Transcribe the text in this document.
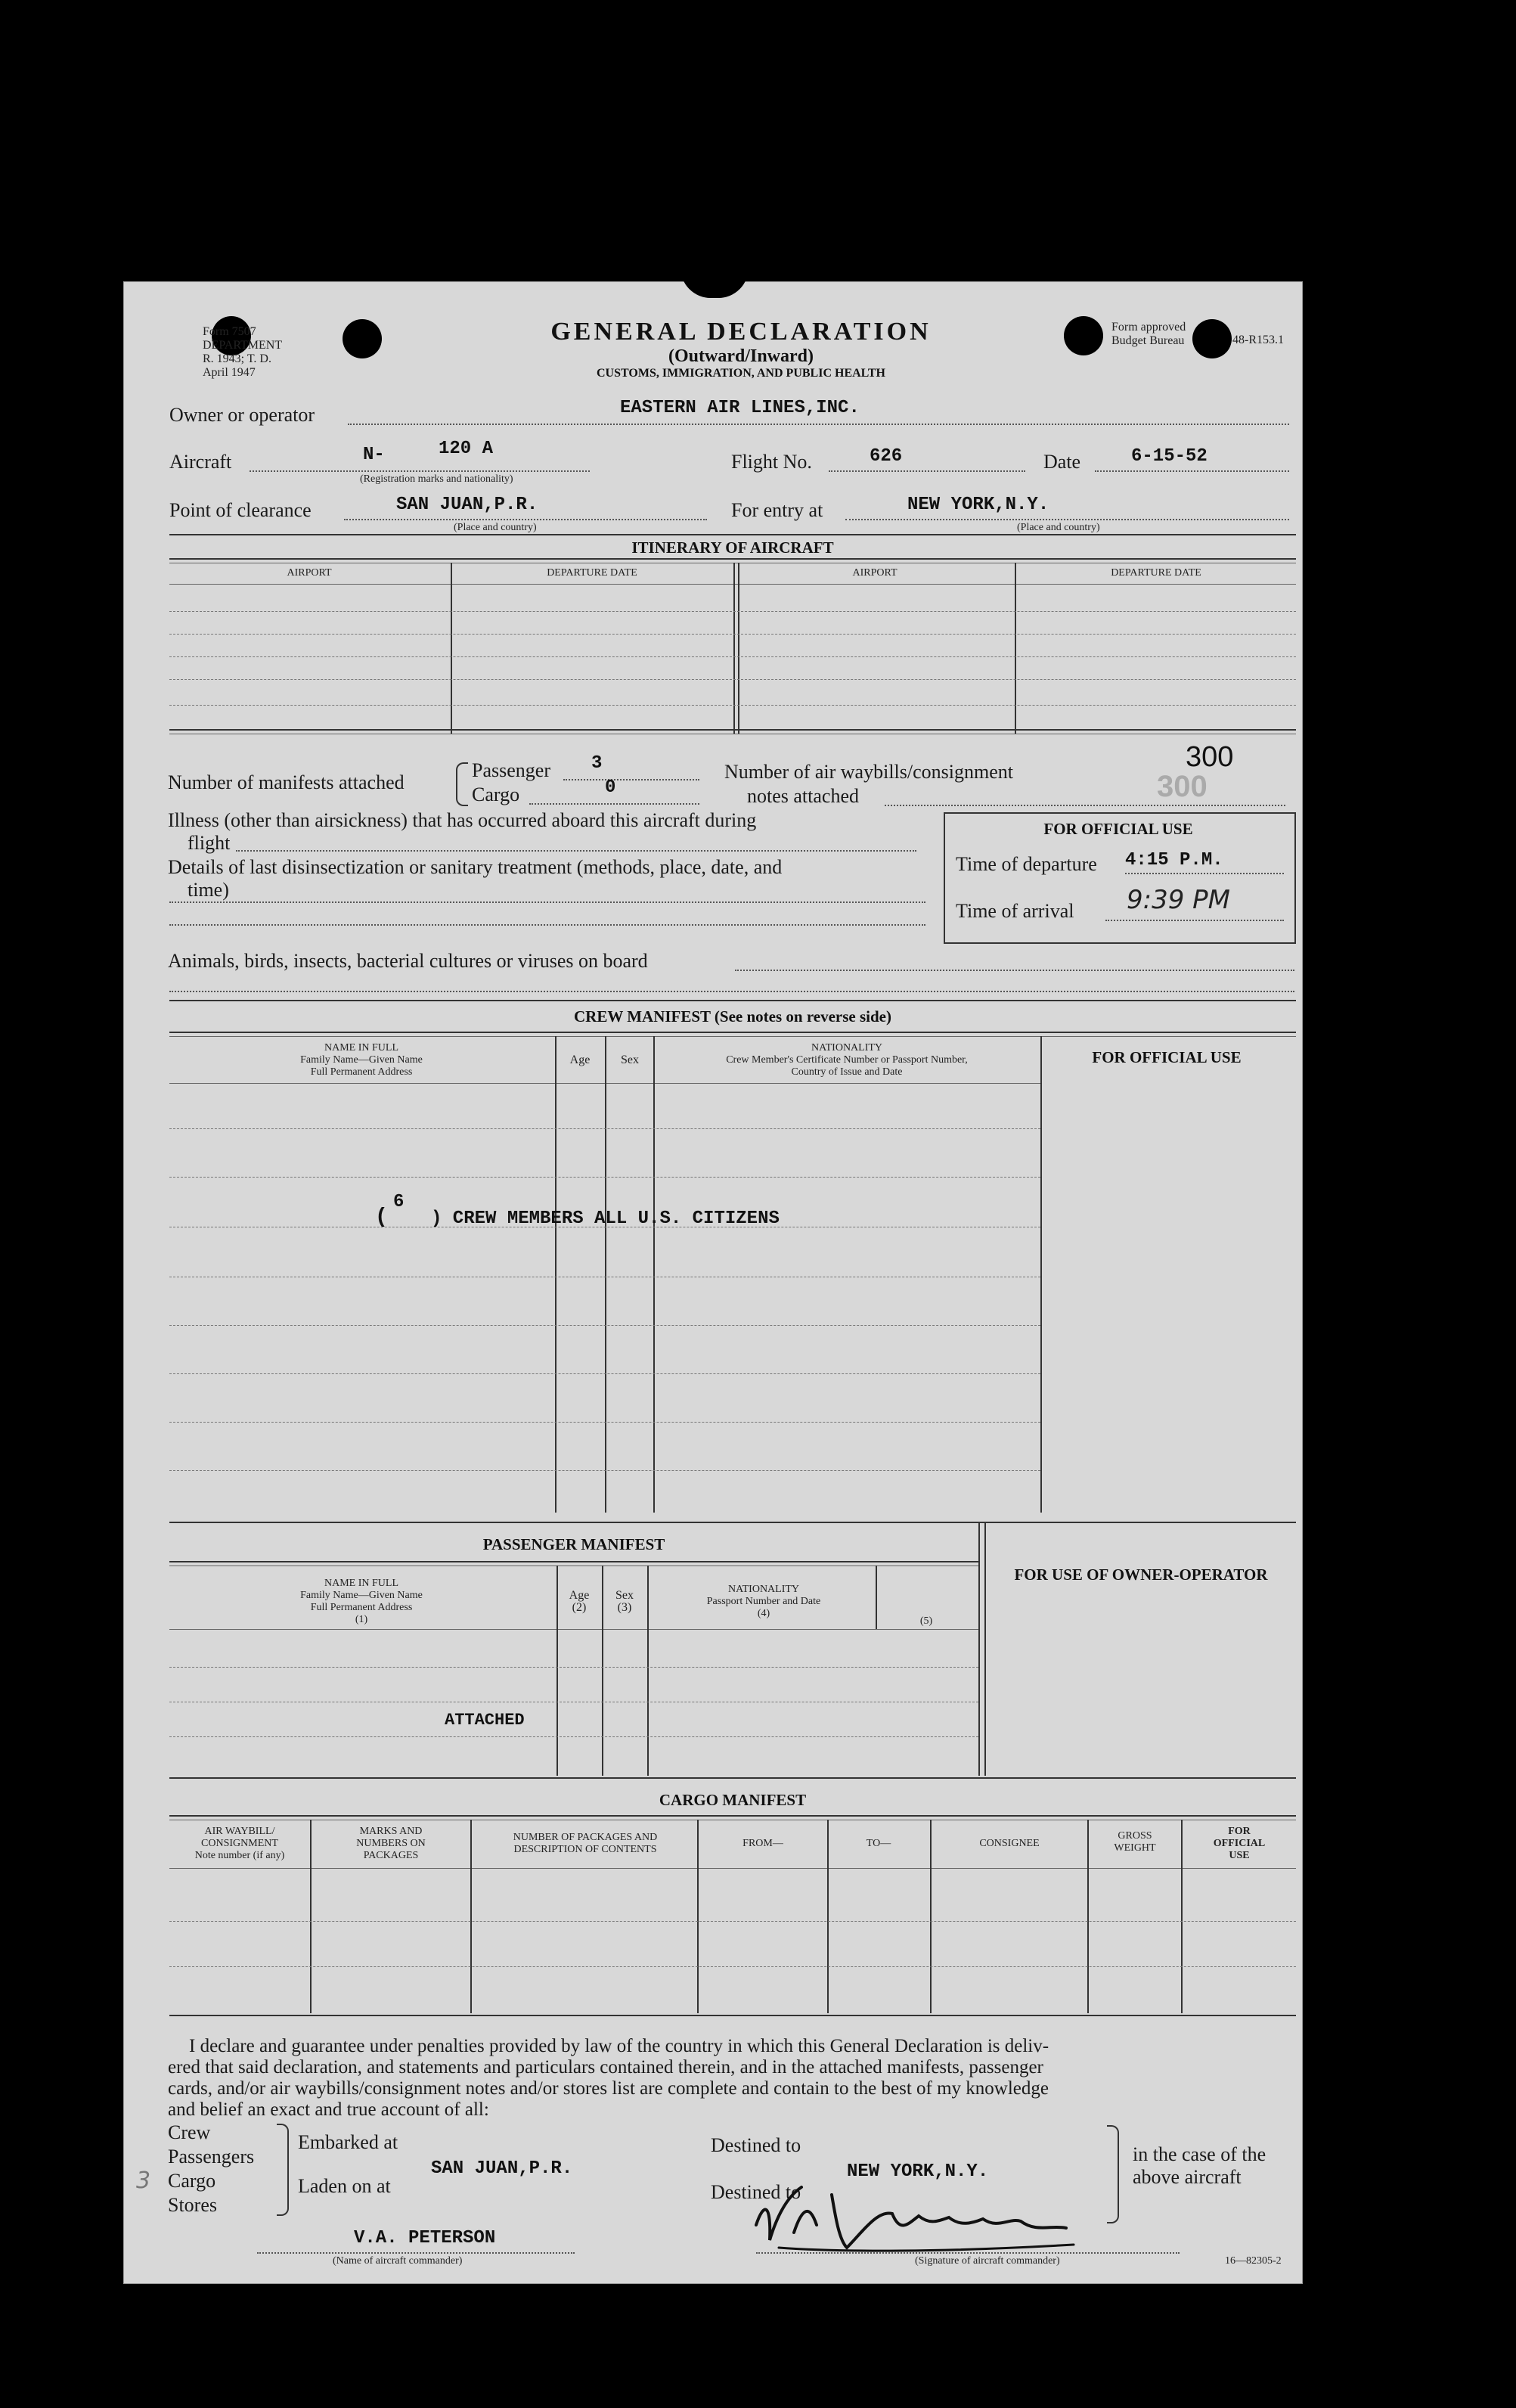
Form 7507
DEPARTMENT
R. 1943; T. D.
April 1947
GENERAL DECLARATION
(Outward/Inward)
CUSTOMS, IMMIGRATION, AND PUBLIC HEALTH
Form approved
Budget Bureau	48-R153.1
Owner or operator	EASTERN AIR LINES,INC.
Aircraft	N-	120 A
(Registration marks and nationality)
Flight No.	626	Date	6-15-52
Point of clearance	SAN JUAN,P.R.
(Place and country)
For entry at	NEW YORK,N.Y.
(Place and country)
ITINERARY OF AIRCRAFT
AIRPORT	DEPARTURE DATE	AIRPORT	DEPARTURE DATE
Number of manifests attached
Passenger 3
Cargo	0
Number of air waybills/consignment
notes attached
300
300
Illness (other than airsickness) that has occurred aboard this aircraft during
flight
Details of last disinsectization or sanitary treatment (methods, place, date, and
time)
FOR OFFICIAL USE
Time of departure 4:15 P.M.
Time of arrival 9:39 PM
Animals, birds, insects, bacterial cultures or viruses on board
CREW MANIFEST (See notes on reverse side)
NAME IN FULL
Family Name—Given Name
Full Permanent Address
Age	Sex
NATIONALITY
Crew Member's Certificate Number or Passport Number,
Country of Issue and Date
FOR OFFICIAL USE
(
6
) CREW MEMBERS ALL U.S. CITIZENS
PASSENGER MANIFEST
FOR USE OF OWNER-OPERATOR
NAME IN FULL
Family Name—Given Name
Full Permanent Address
(1)
Age
(2)
Sex
(3)
NATIONALITY
Passport Number and Date
(4)
(5)
ATTACHED
CARGO MANIFEST
AIR WAYBILL/
CONSIGNMENT
Note number (if any)
MARKS AND
NUMBERS ON
PACKAGES
NUMBER OF PACKAGES AND
DESCRIPTION OF CONTENTS
FROM—	TO—	CONSIGNEE
GROSS
WEIGHT
FOR
OFFICIAL
USE
I declare and guarantee under penalties provided by law of the country in which this General Declaration is deliv-
ered that said declaration, and statements and particulars contained therein, and in the attached manifests, passenger
cards, and/or air waybills/consignment notes and/or stores list are complete and contain to the best of my knowledge
and belief an exact and true account of all:
Crew
Passengers
Cargo
Stores
3
Embarked at
Laden on at
SAN JUAN,P.R.
Destined to
Destined to
NEW YORK,N.Y.
in the case of the
above aircraft
V.A. PETERSON
(Name of aircraft commander)	(Signature of aircraft commander)	16—82305-2
